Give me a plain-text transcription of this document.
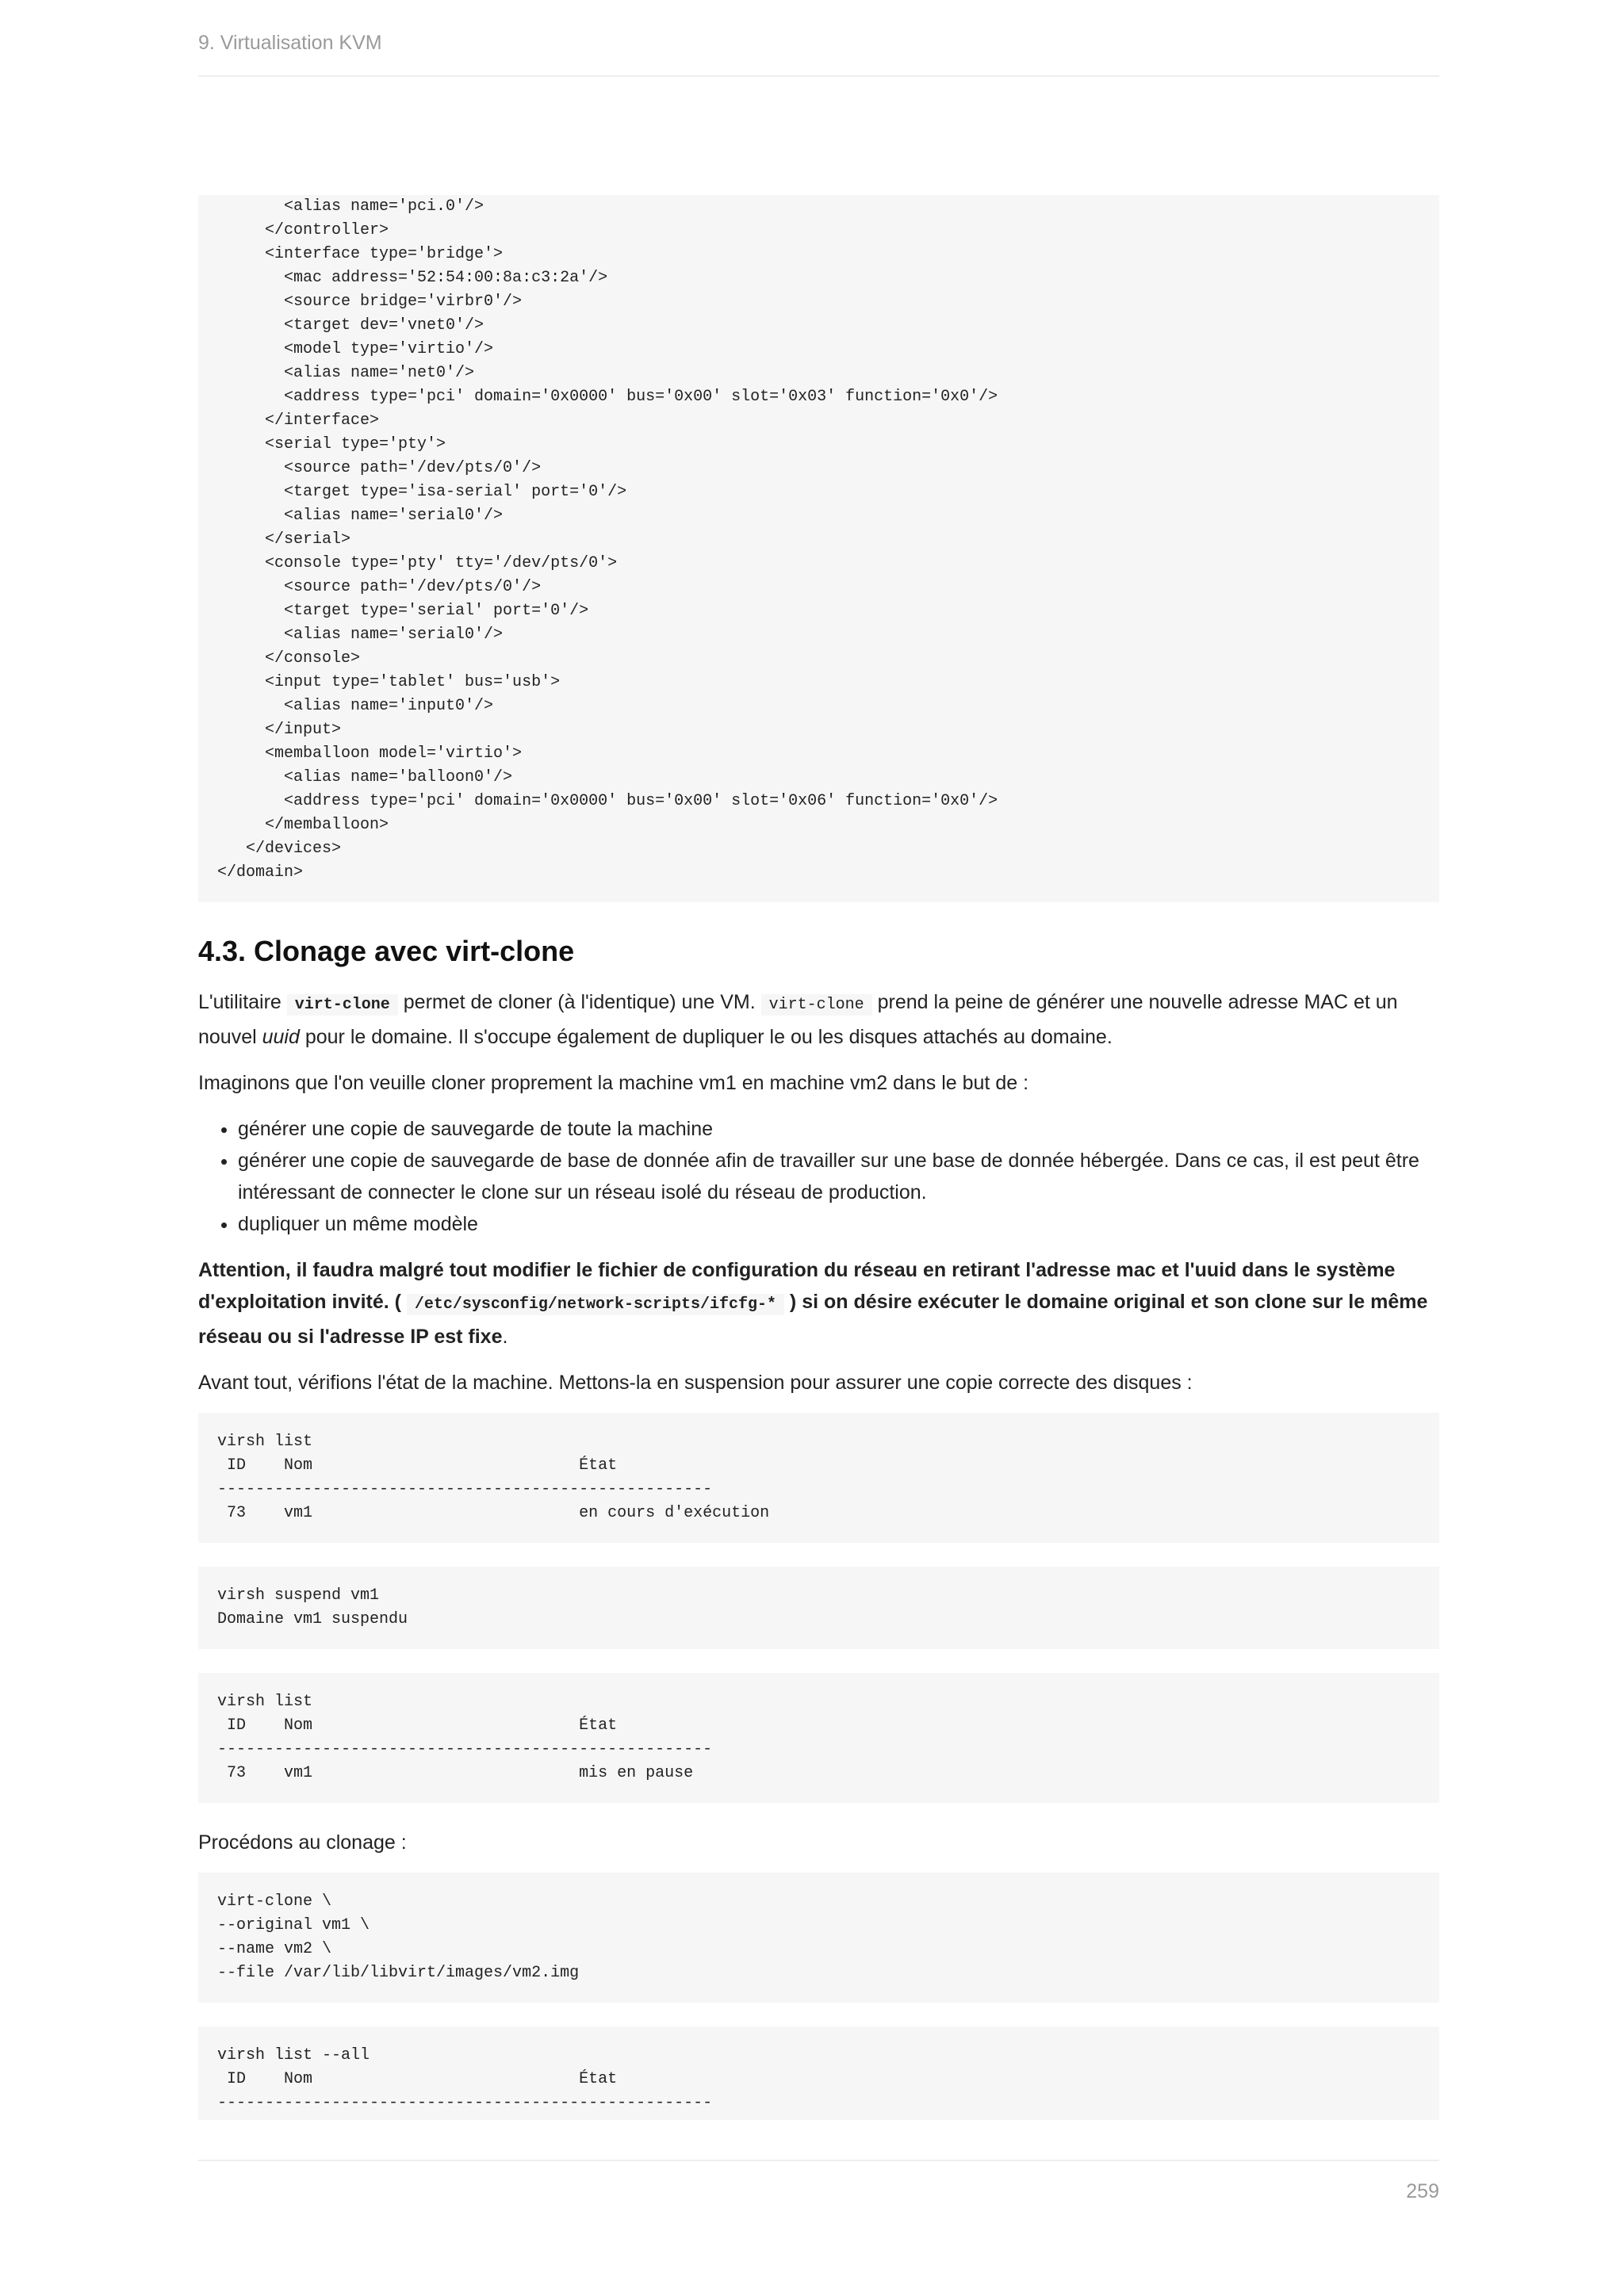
9. Virtualisation KVM
<alias name='pci.0'/>
</controller>
<interface type='bridge'>
<mac address='52:54:00:8a:c3:2a'/>
<source bridge='virbr0'/>
<target dev='vnet0'/>
<model type='virtio'/>
<alias name='net0'/>
<address type='pci' domain='0x0000' bus='0x00' slot='0x03' function='0x0'/>
</interface>
<serial type='pty'>
<source path='/dev/pts/0'/>
<target type='isa-serial' port='0'/>
<alias name='serial0'/>
</serial>
<console type='pty' tty='/dev/pts/0'>
<source path='/dev/pts/0'/>
<target type='serial' port='0'/>
<alias name='serial0'/>
</console>
<input type='tablet' bus='usb'>
<alias name='input0'/>
</input>
<memballoon model='virtio'>
<alias name='balloon0'/>
<address type='pci' domain='0x0000' bus='0x00' slot='0x06' function='0x0'/>
</memballoon>
</devices>
</domain>
4.3. Clonage avec virt-clone

L'utilitaire virt-clone permet de cloner (à l'identique) une VM. virt-clone prend la peine de générer une nouvelle adresse MAC et un nouvel uuid pour le domaine. Il s'occupe également de dupliquer le ou les disques attachés au domaine.

Imaginons que l'on veuille cloner proprement la machine vm1 en machine vm2 dans le but de :

• générer une copie de sauvegarde de toute la machine
• générer une copie de sauvegarde de base de donnée afin de travailler sur une base de donnée hébergée. Dans ce cas, il est peut être intéressant de connecter le clone sur un réseau isolé du réseau de production.
• dupliquer un même modèle

Attention, il faudra malgré tout modifier le fichier de configuration du réseau en retirant l'adresse mac et l'uuid dans le système d'exploitation invité. ( /etc/sysconfig/network-scripts/ifcfg-* ) si on désire exécuter le domaine original et son clone sur le même réseau ou si l'adresse IP est fixe.

Avant tout, vérifions l'état de la machine. Mettons-la en suspension pour assurer une copie correcte des disques :

virsh list
ID    Nom                            État
----------------------------------------------------
73    vm1                            en cours d'exécution
virsh suspend vm1
Domaine vm1 suspendu
virsh list
ID    Nom                            État
----------------------------------------------------
73    vm1                            mis en pause

Procédons au clonage :

virt-clone \
--original vm1 \
--name vm2 \
--file /var/lib/libvirt/images/vm2.img
virsh list --all
ID    Nom                            État
----------------------------------------------------
259
